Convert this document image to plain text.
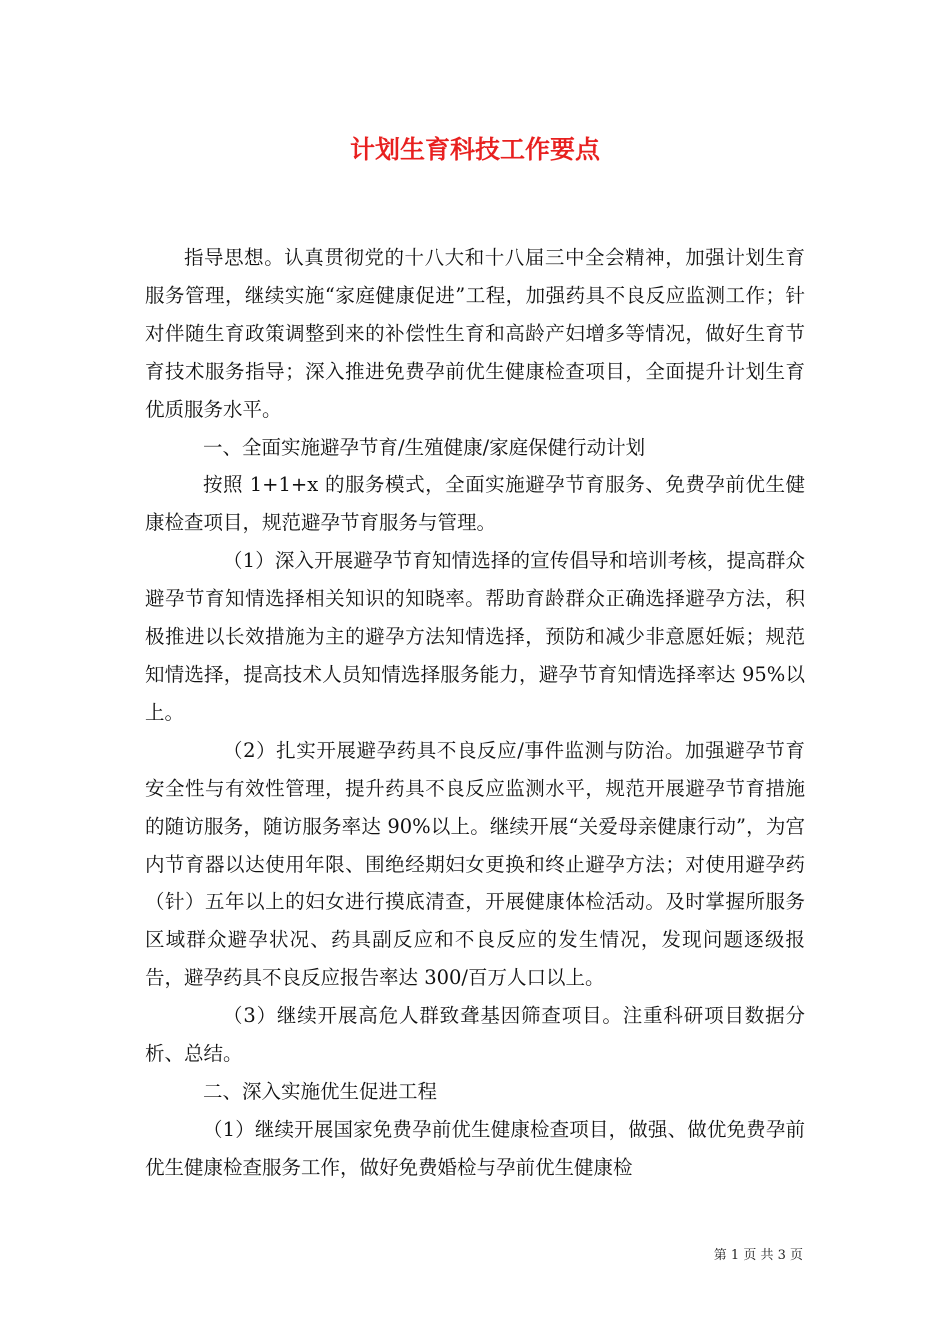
计划生育科技工作要点

指导思想。认真贯彻党的十八大和十八届三中全会精神，加强计划生育服务管理，继续实施“家庭健康促进”工程，加强药具不良反应监测工作；针对伴随生育政策调整到来的补偿性生育和高龄产妇增多等情况，做好生育节育技术服务指导；深入推进免费孕前优生健康检查项目，全面提升计划生育优质服务水平。

一、全面实施避孕节育/生殖健康/家庭保健行动计划

按照 1+1+x 的服务模式，全面实施避孕节育服务、免费孕前优生健康检查项目，规范避孕节育服务与管理。

（1）深入开展避孕节育知情选择的宣传倡导和培训考核，提高群众避孕节育知情选择相关知识的知晓率。帮助育龄群众正确选择避孕方法，积极推进以长效措施为主的避孕方法知情选择，预防和减少非意愿妊娠；规范知情选择，提高技术人员知情选择服务能力，避孕节育知情选择率达 95%以上。

（2）扎实开展避孕药具不良反应/事件监测与防治。加强避孕节育安全性与有效性管理，提升药具不良反应监测水平，规范开展避孕节育措施的随访服务，随访服务率达 90%以上。继续开展“关爱母亲健康行动”，为宫内节育器以达使用年限、围绝经期妇女更换和终止避孕方法；对使用避孕药（针）五年以上的妇女进行摸底清查，开展健康体检活动。及时掌握所服务区域群众避孕状况、药具副反应和不良反应的发生情况，发现问题逐级报告，避孕药具不良反应报告率达 300/百万人口以上。

（3）继续开展高危人群致聋基因筛查项目。注重科研项目数据分析、总结。

二、深入实施优生促进工程

（1）继续开展国家免费孕前优生健康检查项目，做强、做优免费孕前优生健康检查服务工作，做好免费婚检与孕前优生健康检

第 1 页 共 3 页
